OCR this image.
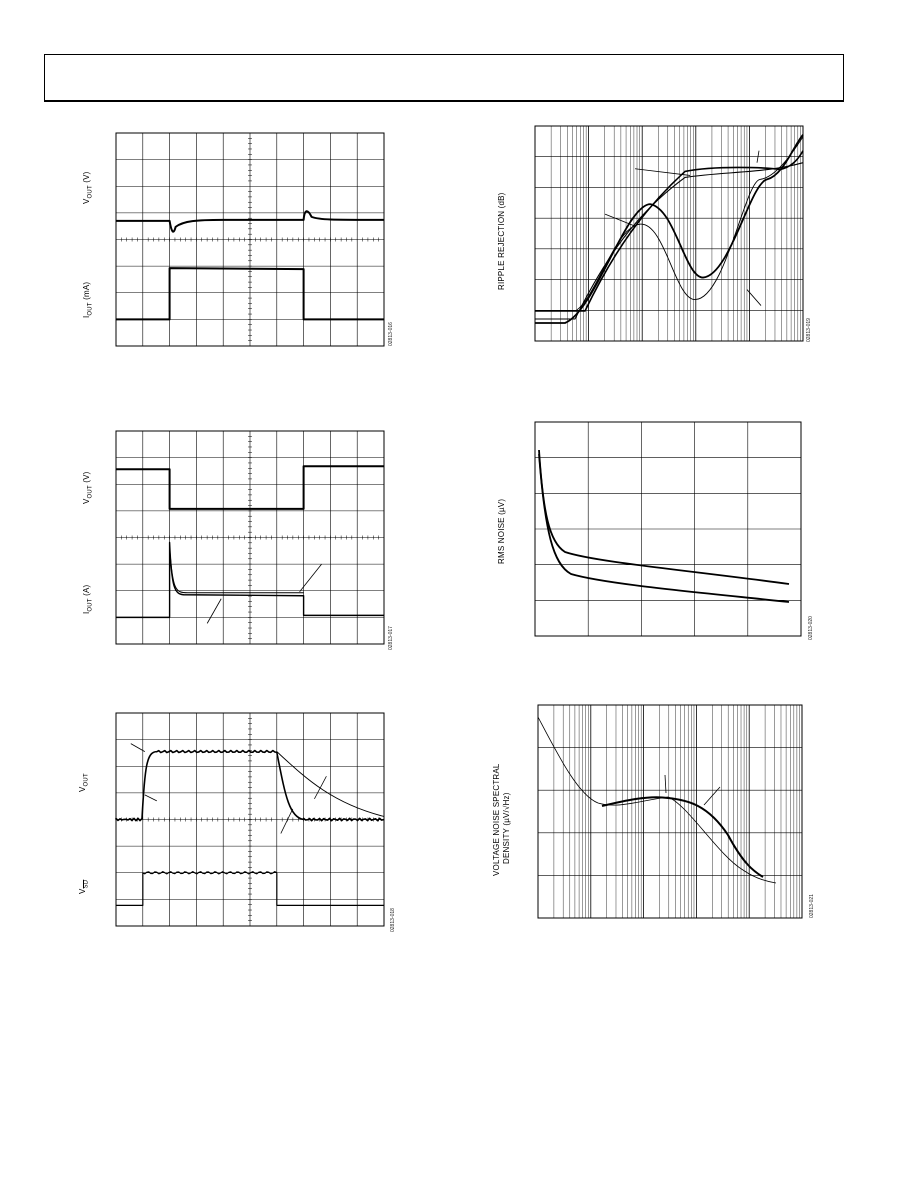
$V_{OUT}$ (V)
$I_{OUT}$ (mA)
02813-016
$V_{OUT}$ (V)
$I_{OUT}$ (A)
02813-017
$V_{OUT}$
$V_{\overline{SD}}$
02813-018
RIPPLE REJECTION (dB)
02813-019
RMS NOISE (µV)
02813-020
VOLTAGE NOISE SPECTRAL DENSITY (µV/√Hz)
02813-021
